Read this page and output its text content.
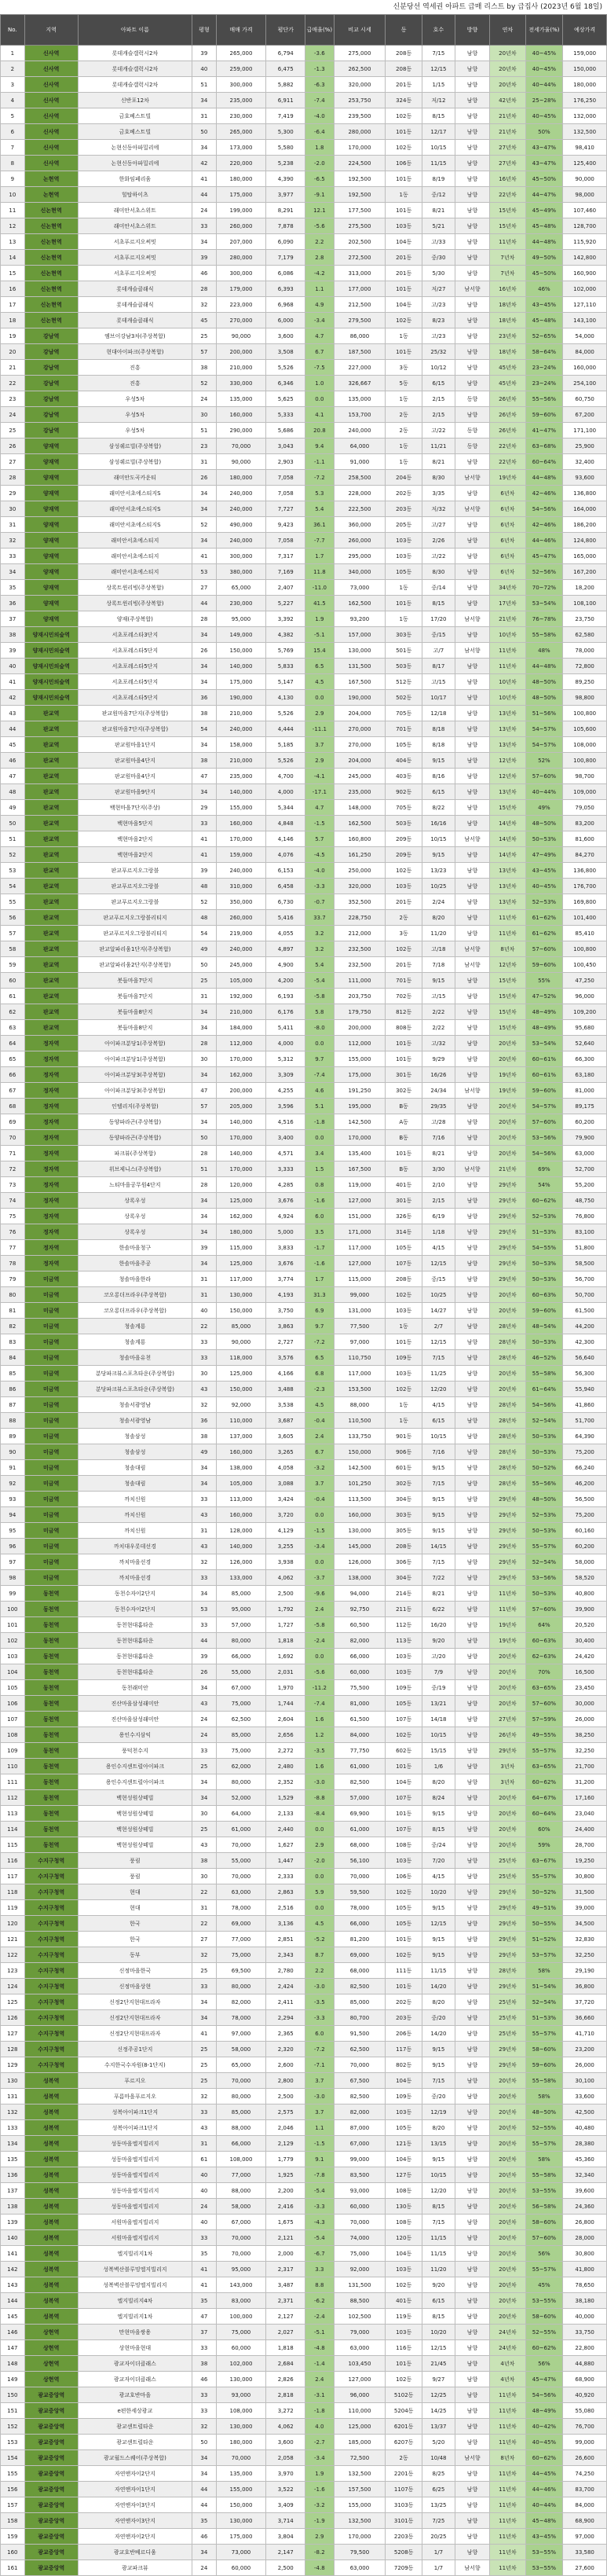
신분당선 역세권 아파트 급매 리스트 by 급집사 (2023년 6월 18일)
No.	지역	아파트 이름	평형	매매 가격	평단가	급매율(%)	비교 시세	동	호수	방향	연차	전세가율(%)	예상가격
1	신사역	롯데캐슬갤럭시2차	39	265,000	6,794	-3.6	275,000	208동	7/15	남향	20년차	40~45%	159,000
2	신사역	롯데캐슬갤럭시2차	40	259,000	6,475	-1.3	262,500	208동	12/15	남향	20년차	40~45%	150,000
3	신사역	롯데캐슬갤럭시2차	51	300,000	5,882	-6.3	320,000	201동	1/15	남향	20년차	40~44%	180,000
4	신사역	신반포12차	34	235,000	6,911	-7.4	253,750	324동	저/12	남향	42년차	25~28%	176,250
5	신사역	금호베스트빌	31	230,000	7,419	-4.0	239,500	102동	8/15	남향	21년차	40~45%	132,000
6	신사역	금호베스트빌	50	265,000	5,300	-6.4	280,000	101동	12/17	남향	21년차	50%	132,500
7	신사역	논현신동아파밀리에	34	173,000	5,580	1.8	170,000	102동	10/15	남향	27년차	43~47%	98,410
8	신사역	논현신동아파밀리에	42	220,000	5,238	-2.0	224,500	106동	11/15	남향	27년차	43~47%	125,400
9	논현역	한화임페리움	41	180,000	4,390	-6.5	192,500	101동	8/19	남향	16년차	45~50%	90,000
10	논현역	힐탑하이츠	44	175,000	3,977	-9.1	192,500	1동	중/12	남향	22년차	44~47%	98,000
11	신논현역	래미안서초스위트	24	199,000	8,291	12.1	177,500	101동	8/21	남향	15년차	45~49%	107,460
12	신논현역	래미안서초스위트	33	260,000	7,878	-5.6	275,500	103동	5/21	남향	15년차	45~48%	128,700
13	신논현역	서초푸르지오써밋	34	207,000	6,090	2.2	202,500	104동	고/33	남향	11년차	44~48%	115,920
14	신논현역	서초푸르지오써밋	39	280,000	7,179	2.8	272,500	201동	중/30	남향	7년차	49~50%	142,800
15	신논현역	서초푸르지오써밋	46	300,000	6,086	-4.2	313,000	201동	5/30	남향	7년차	45~50%	160,900
16	신논현역	롯데캐슬클래식	28	179,000	6,393	1.1	177,000	101동	저/27	남서향	16년차	46%	102,000
17	신논현역	롯데캐슬클래식	32	223,000	6,968	4.9	212,500	104동	고/23	남향	18년차	43~45%	127,110
18	신논현역	롯데캐슬클래식	45	270,000	6,000	-3.4	279,500	102동	8/23	남향	18년차	45~48%	143,100
19	강남역	엠브이강남3차(주상복합)	25	90,000	3,600	4.7	86,000	1동	고/23	남향	23년차	52~65%	54,000
20	강남역	현대아이파크(주상복합)	57	200,000	3,508	6.7	187,500	101동	25/32	남향	18년차	58~64%	84,000
21	강남역	진흥	38	210,000	5,526	-7.5	227,000	3동	10/12	남향	45년차	23~24%	160,000
22	강남역	진흥	52	330,000	6,346	1.0	326,667	5동	6/15	남향	45년차	23~24%	254,100
23	강남역	우성5차	24	135,000	5,625	0.0	135,000	1동	2/15	동향	26년차	55~56%	60,750
24	강남역	우성5차	30	160,000	5,333	4.1	153,700	2동	2/15	남향	26년차	59~60%	67,200
25	강남역	우성5차	51	290,000	5,686	20.8	240,000	2동	고/22	동향	26년차	41~47%	171,100
26	양재역	삼성쉐르빌(주상복합)	23	70,000	3,043	9.4	64,000	1동	11/21	동향	22년차	63~68%	25,900
27	양재역	삼성쉐르빌(주상복합)	31	90,000	2,903	-1.1	91,000	1동	8/21	남향	22년차	60~64%	32,400
28	양재역	래미안도곡카운티	26	180,000	7,058	-7.2	258,500	204동	8/30	남서향	19년차	44~48%	93,600
29	양재역	래미안서초에스티지S	34	240,000	7,058	5.3	228,000	202동	3/35	남향	6년차	42~46%	136,800
30	양재역	래미안서초에스티지S	34	240,000	7,727	5.4	222,500	203동	저/32	남서향	6년차	54~56%	164,000
31	양재역	래미안서초에스티지S	52	490,000	9,423	36.1	360,000	205동	고/27	남향	6년차	42~46%	186,200
32	양재역	래미안서초에스티지	34	240,000	7,058	-7.7	260,000	103동	2/26	남향	6년차	44~46%	124,800
33	양재역	래미안서초에스티지	41	300,000	7,317	1.7	295,000	103동	고/22	남향	6년차	45~47%	165,000
34	양재역	래미안서초에스티지	53	380,000	7,169	11.8	340,000	105동	8/30	남향	6년차	52~56%	167,200
35	양재역	상록트윈리빙(주상복합)	27	65,000	2,407	-11.0	73,000	1동	중/14	남향	34년차	70~72%	18,200
36	양재역	상록트윈리빙(주상복합)	44	230,000	5,227	41.5	162,500	101동	8/15	남향	17년차	53~54%	108,100
37	양재역	양재(주상복합)	28	95,000	3,392	1.9	93,200	1동	17/20	남서향	21년차	76~78%	23,750
38	양재시민의숲역	서초포레스타3단지	34	149,000	4,382	-5.1	157,000	303동	중/15	남향	10년차	55~58%	62,580
39	양재시민의숲역	서초포레스타5단지	26	150,000	5,769	15.4	130,000	501동	고/7	남서향	11년차	48%	78,000
40	양재시민의숲역	서초포레스타5단지	34	140,000	5,833	6.5	131,500	503동	8/17	남향	11년차	44~48%	72,800
41	양재시민의숲역	서초포레스타5단지	34	175,000	5,147	4.5	167,500	512동	고/15	남향	10년차	48~50%	89,250
42	양재시민의숲역	서초포레스타5단지	36	190,000	4,130	0.0	190,000	502동	10/17	남향	10년차	48~50%	98,800
43	판교역	판교원마을7단지(주상복합)	38	210,000	5,526	2.9	204,000	705동	12/18	남향	13년차	51~56%	100,800
44	판교역	판교원마을7단지(주상복합)	54	240,000	4,444	-11.1	270,000	701동	8/18	남향	13년차	54~57%	105,600
45	판교역	판교원마을1단지	34	158,000	5,185	3.7	270,000	105동	8/18	남향	13년차	54~57%	108,000
46	판교역	판교원마을4단지	38	210,000	5,526	2.9	204,000	404동	9/15	남향	12년차	52%	100,800
47	판교역	판교원마을4단지	47	235,000	4,700	-4.1	245,000	403동	8/16	남향	12년차	57~60%	98,700
48	판교역	판교원마을9단지	34	140,000	4,000	-17.1	235,000	902동	6/15	남향	13년차	40~44%	109,000
49	판교역	백현마을7단지(주상)	29	155,000	5,344	4.7	148,000	705동	8/22	남향	15년차	49%	79,050
50	판교역	백현마을5단지	33	160,000	4,848	-1.5	162,500	503동	16/16	남향	14년차	48~50%	83,200
51	판교역	백현마을2단지	41	170,000	4,146	5.7	160,800	209동	10/15	남서향	14년차	50~53%	81,600
52	판교역	백현마을2단지	41	159,000	4,076	-4.5	161,250	209동	9/15	남향	14년차	47~49%	84,270
53	판교역	판교푸르지오그랑블	39	240,000	6,153	-4.0	250,000	102동	13/23	남향	13년차	43~45%	136,800
54	판교역	판교푸르지오그랑블	48	310,000	6,458	-3.3	320,000	103동	10/25	남향	13년차	40~45%	176,700
55	판교역	판교푸르지오그랑블	52	350,000	6,730	-0.7	352,500	201동	2/24	남향	13년차	52~53%	169,800
56	판교역	판교푸르지오그랑블리티지	48	260,000	5,416	33.7	228,750	2동	8/20	남향	11년차	61~62%	101,400
57	판교역	판교푸르지오그랑블리티지	54	219,000	4,055	3.2	212,000	3동	11/20	남향	11년차	61~62%	85,410
58	판교역	판교알파리움1단지(주상복합)	49	240,000	4,897	3.2	232,500	102동	고/18	남서향	8년차	57~60%	100,800
59	판교역	판교알파리움2단지(주상복합)	50	245,000	4,900	5.4	232,500	201동	7/18	남서향	12년차	59~60%	100,450
60	판교역	봇들마을7단지	25	105,000	4,200	-5.4	111,000	701동	9/15	남향	15년차	55%	47,250
61	판교역	봇들마을7단지	31	192,000	6,193	-5.8	203,750	702동	고/15	남향	15년차	47~52%	96,000
62	판교역	봇들마을8단지	34	210,000	6,176	5.8	179,750	812동	2/22	남향	15년차	48~49%	109,200
63	판교역	봇들마을8단지	34	184,000	5,411	-8.0	200,000	808동	2/22	남향	15년차	48~49%	95,680
64	정자역	아이파크분당1(주상복합)	28	112,000	4,000	0.0	112,000	101동	고/32	남향	20년차	53~54%	52,640
65	정자역	아이파크분당1(주상복합)	30	170,000	5,312	9.7	155,000	101동	9/29	남향	20년차	60~61%	66,300
66	정자역	아이파크분당3(주상복합)	34	162,000	3,309	-7.4	175,000	301동	16/26	남향	19년차	60~61%	63,180
67	정자역	아이파크분당3(주상복합)	47	200,000	4,255	4.6	191,250	302동	24/34	남서향	19년차	59~60%	81,000
68	정자역	인텔리지(주상복합)	57	205,000	3,596	5.1	195,000	B동	29/35	남향	20년차	54~57%	89,175
69	정자역	동양파라곤(주상복합)	34	140,000	4,516	-1.8	142,500	A동	고/28	남향	20년차	57~60%	60,200
70	정자역	동양파라곤(주상복합)	50	170,000	3,400	0.0	170,000	B동	7/16	남향	20년차	53~56%	79,900
71	정자역	파크뷰(주상복합)	28	140,000	4,571	3.4	135,400	101동	8/21	남향	20년차	54~56%	63,000
72	정자역	위브제니스(주상복합)	51	170,000	3,333	1.5	167,500	B동	3/30	남서향	21년차	69%	52,700
73	정자역	느티마을공무원4단지	28	120,000	4,285	0.8	119,000	401동	2/10	남향	29년차	54%	55,200
74	정자역	상록우성	34	125,000	3,676	-1.6	127,000	301동	2/15	남향	29년차	60~62%	48,750
75	정자역	상록우성	34	162,000	4,924	6.0	151,000	326동	6/19	남향	29년차	52~53%	76,800
76	정자역	상록우성	34	180,000	5,000	3.5	171,000	314동	1/18	남향	29년차	51~53%	83,100
77	정자역	한솔마을청구	39	115,000	3,833	-1.7	117,000	105동	4/15	남향	29년차	54~55%	51,800
78	정자역	한솔마을주공	34	125,000	3,676	-1.6	127,000	107동	12/15	남향	29년차	50~53%	58,500
79	미금역	청솔마을한라	31	117,000	3,774	1.7	115,000	208동	중/15	남향	29년차	50~53%	56,700
80	미금역	코오롱더프라우(주상복합)	31	130,000	4,193	31.3	99,000	102동	10/25	남향	20년차	60~63%	50,700
81	미금역	코오롱더프라우(주상복합)	40	150,000	3,750	6.9	131,000	103동	14/27	남향	20년차	59~60%	61,500
82	미금역	청솔계룡	22	85,000	3,863	9.7	77,500	1동	2/7	남향	28년차	48~54%	44,200
83	미금역	청솔계룡	33	90,000	2,727	-7.2	97,000	101동	12/15	남향	28년차	50~53%	42,300
84	미금역	청솔마을유천	33	118,000	3,576	6.5	110,750	109동	7/15	남향	28년차	46~52%	56,640
85	미금역	분당파크뷰스포츠타운(주상복합)	30	125,000	4,166	6.8	117,000	103동	11/25	남향	20년차	55~58%	56,300
86	미금역	분당파크뷰스포츠타운(주상복합)	43	150,000	3,488	-2.3	153,500	102동	12/20	남향	20년차	61~64%	55,940
87	미금역	청솔서광영남	32	92,000	3,538	4.5	88,000	1동	4/15	남향	28년차	54~56%	41,860
88	미금역	청솔서광영남	36	110,000	3,687	-0.4	110,500	1동	6/15	남향	28년차	52~54%	51,700
89	미금역	청솔삼성	38	137,000	3,605	2.4	133,750	901동	10/15	남향	28년차	50~53%	64,390
90	미금역	청솔삼성	49	160,000	3,265	6.7	150,000	906동	7/16	남향	28년차	50~53%	75,200
91	미금역	청솔대림	34	138,000	4,058	-3.2	142,500	601동	9/15	남향	28년차	50~52%	66,240
92	미금역	청솔대림	34	105,000	3,088	3.7	101,250	302동	7/15	남향	28년차	55~56%	46,200
93	미금역	까치신원	33	113,000	3,424	-0.4	113,500	304동	9/15	남향	29년차	48~50%	56,500
94	미금역	까치신원	43	160,000	3,720	0.0	160,000	303동	9/15	남향	29년차	52~53%	75,200
95	미금역	까치신원	31	128,000	4,129	-1.5	130,000	305동	9/15	남향	29년차	50~53%	60,160
96	미금역	까치대우롯데선경	43	140,000	3,255	-3.4	145,000	208동	14/15	남향	29년차	55~57%	60,200
97	미금역	까치마을선경	32	126,000	3,938	0.0	126,000	306동	7/15	남향	29년차	52~54%	58,000
98	미금역	까치마을선경	33	133,000	4,062	-3.7	138,000	304동	7/22	남향	29년차	53~56%	58,520
99	동천역	동천수자이2단지	34	85,000	2,500	-9.6	94,000	214동	8/21	남향	11년차	50~53%	40,800
100	동천역	동천수자이2단지	53	95,000	1,792	2.4	92,750	211동	6/22	남향	11년차	57~60%	39,900
101	동천역	동천현대홈타운	33	57,000	1,727	-5.8	60,500	112동	16/20	남향	19년차	64%	20,520
102	동천역	동천현대홈타운	44	80,000	1,818	-2.4	82,000	113동	9/20	남향	19년차	60~63%	30,400
103	동천역	동천현대홈타운	39	66,000	1,692	0.0	66,000	103동	고/20	남향	20년차	62~63%	24,420
104	동천역	동천현대홈타운	26	55,000	2,031	-5.6	60,000	103동	7/9	남향	20년차	70%	16,500
105	동천역	동천래미안	34	67,000	1,970	-11.2	75,500	109동	중/19	남향	20년차	63~65%	23,450
106	동천역	진산마을삼성래미안	43	75,000	1,744	-7.4	81,000	105동	13/21	남향	20년차	57~60%	30,000
107	동천역	진산마을삼성래미안	24	62,500	2,604	1.6	61,500	107동	14/18	남향	27년차	57~59%	26,000
108	동천역	용인수지삼익	24	85,000	2,656	1.2	84,000	102동	10/15	남향	26년차	49~55%	38,250
109	동천역	풍덕천수지	33	75,000	2,272	-3.5	77,750	602동	15/15	남향	29년차	55~57%	32,250
110	동천역	용인수지센트럴아이파크	25	62,000	2,480	1.6	61,000	101동	1/6	남향	3년차	63~65%	21,700
111	동천역	용인수지센트럴아이파크	34	80,000	2,352	-3.0	82,500	104동	8/20	남향	3년차	60~62%	31,200
112	동천역	백현성원상떼빌	34	52,000	1,529	-8.8	57,000	107동	8/24	남향	20년차	64~67%	17,160
113	동천역	백현성원상떼빌	30	64,000	2,133	-8.4	69,900	101동	9/15	남향	20년차	60~64%	23,040
114	동천역	백현성원상떼빌	25	61,000	2,440	0.0	61,000	107동	8/15	남향	20년차	60%	24,400
115	동천역	백현성원상떼빌	43	70,000	1,627	2.9	68,000	108동	중/24	남향	20년차	59%	28,700
116	수지구청역	풍림	38	55,000	1,447	-2.0	56,100	103동	7/20	남향	25년차	63~67%	19,250
117	수지구청역	풍림	30	70,000	2,333	0.0	70,000	106동	4/15	남향	25년차	55~57%	30,800
118	수지구청역	현대	22	63,000	2,863	5.9	59,500	102동	10/20	남향	29년차	50~52%	31,500
119	수지구청역	현대	31	78,000	2,516	0.0	78,000	105동	9/15	남향	29년차	49~51%	39,000
120	수지구청역	한국	22	69,000	3,136	4.5	66,000	105동	12/15	남향	29년차	50~55%	34,500
121	수지구청역	한국	27	77,000	2,851	-5.2	81,200	101동	9/15	남향	29년차	51~52%	32,830
122	수지구청역	동부	32	75,000	2,343	8.7	69,000	102동	9/15	남향	29년차	53~57%	32,250
123	수지구청역	신정마을한국	25	69,500	2,780	2.2	68,000	111동	11/15	남향	28년차	58%	29,190
124	수지구청역	신정마을상현	33	80,000	2,424	-3.0	82,500	101동	14/20	남향	29년차	51~54%	36,800
125	수지구청역	신정2단지현대프라자	34	82,000	2,411	-3.5	85,000	202동	8/20	남향	25년차	52~54%	37,720
126	수지구청역	신정2단지현대프라자	34	78,000	2,294	-3.3	80,700	203동	중/20	남향	25년차	51~53%	36,660
127	수지구청역	신정2단지현대프라자	41	97,000	2,365	6.0	91,500	206동	14/20	남향	25년차	55~57%	41,710
128	수지구청역	신정주공1단지	25	58,000	2,320	-7.2	62,500	117동	9/15	남향	29년차	58~60%	23,200
129	수지구청역	수지한국수자원(8-1단지)	25	65,000	2,600	-7.1	70,000	802동	9/15	남향	29년차	59~60%	26,000
130	성복역	푸르지오	25	70,000	2,800	3.7	67,500	104동	7/15	남향	20년차	55~58%	30,100
131	성복역	푸름마을푸르지오	32	80,000	2,500	-3.0	82,500	109동	중/20	남향	20년차	58%	33,600
132	성복역	성복아이파크1단지	33	85,000	2,575	3.7	82,000	103동	12/19	남향	20년차	48~50%	42,500
133	성복역	성복아이파크1단지	43	88,000	2,046	1.1	87,000	105동	8/20	남향	20년차	52~55%	40,480
134	성복역	성동마을엘지빌리지	31	66,000	2,129	-1.5	67,000	121동	13/15	남향	20년차	55~57%	28,380
135	성복역	성동마을엘지빌리지	61	108,000	1,779	9.1	99,000	104동	9/15	남향	20년차	58%	45,360
136	성복역	성동마을엘지빌리지	40	77,000	1,925	-7.8	83,500	127동	10/15	남향	20년차	55~58%	32,340
137	성복역	성동마을엘지빌리지	40	88,000	2,200	-5.4	93,000	108동	12/20	남향	20년차	53~55%	39,600
138	성복역	성동마을엘지빌리지	24	58,000	2,416	-3.3	60,000	130동	8/15	남향	20년차	56~58%	24,360
139	성복역	서원마을엘지빌리지	40	67,000	1,675	-4.3	70,000	108동	7/15	남향	20년차	58~60%	26,800
140	성복역	서원마을엘지빌리지	33	70,000	2,121	-5.4	74,000	120동	11/15	남향	20년차	57~60%	28,000
141	성복역	엘지빌리지1차	35	70,000	2,000	-6.7	75,000	104동	11/15	남향	20년차	56%	30,800
142	성복역	성복벽산블루밍엘지빌리지	41	95,000	2,317	3.3	92,000	103동	11/20	남향	20년차	55~57%	41,800
143	성복역	성복벽산블루밍엘지빌리지	41	143,000	3,487	8.8	131,500	102동	9/20	남향	20년차	45%	78,650
144	성복역	엘지빌리지4차	35	83,000	2,371	-6.2	88,500	401동	6/15	남향	20년차	53~55%	38,180
145	성복역	엘지빌리지1차	47	100,000	2,127	-2.4	102,500	119동	8/15	남향	20년차	58~60%	40,000
146	상현역	만현마을쌍용	37	75,000	2,027	-5.1	79,000	103동	10/20	남향	24년차	52~55%	33,750
147	상현역	상현마을현대	33	60,000	1,818	-4.8	63,000	116동	12/15	남향	24년차	60~62%	22,800
148	상현역	광교자이더클래스	38	102,000	2,684	-1.4	103,450	101동	21/45	남향	4년차	56%	44,880
149	상현역	광교자이더클래스	46	130,000	2,826	2.4	127,000	102동	9/27	남향	4년차	45~47%	68,900
150	광교중앙역	광교호반마을	33	93,000	2,818	-3.1	96,000	5102동	12/25	남향	11년차	54~56%	40,920
151	광교중앙역	e편한세상광교	33	108,000	3,272	-1.8	110,000	5204동	14/25	남향	11년차	48~49%	55,080
152	광교중앙역	광교센트럴타운	32	130,000	4,062	4.0	125,000	6201동	13/37	남향	11년차	40~42%	76,700
153	광교중앙역	광교센트럴타운	50	180,000	3,600	-2.7	185,000	6207동	5/20	남향	11년차	40~45%	99,000
154	광교중앙역	광교월드스퀘어(주상복합)	34	70,000	2,058	-3.4	72,500	2동	10/48	남서향	8년차	60~62%	26,600
155	광교중앙역	자연앤자이2단지	34	135,000	3,970	1.9	132,500	2201동	8/25	남향	11년차	44~45%	74,250
156	광교중앙역	자연앤자이1단지	44	155,000	3,522	-1.6	157,500	1107동	6/25	남향	11년차	44~46%	83,700
157	광교중앙역	자연앤자이3단지	44	150,000	3,409	-3.2	155,000	3103동	13/25	남향	11년차	40~44%	84,000
158	광교중앙역	자연앤자이3단지	35	130,000	3,714	-1.9	132,500	3101동	7/25	남향	11년차	45~48%	68,900
159	광교중앙역	자연앤자이2단지	46	175,000	3,804	2.9	170,000	2203동	20/25	남향	11년차	43~45%	97,000
160	광교중앙역	광교호반베르디움	34	73,000	2,147	-8.2	79,500	5208동	1/7	남향	11년차	53~55%	33,580
161	광교중앙역	광교파크뷰	24	60,000	2,500	-4.8	63,000	7209동	1/7	남서향	11년차	53~55%	27,600
